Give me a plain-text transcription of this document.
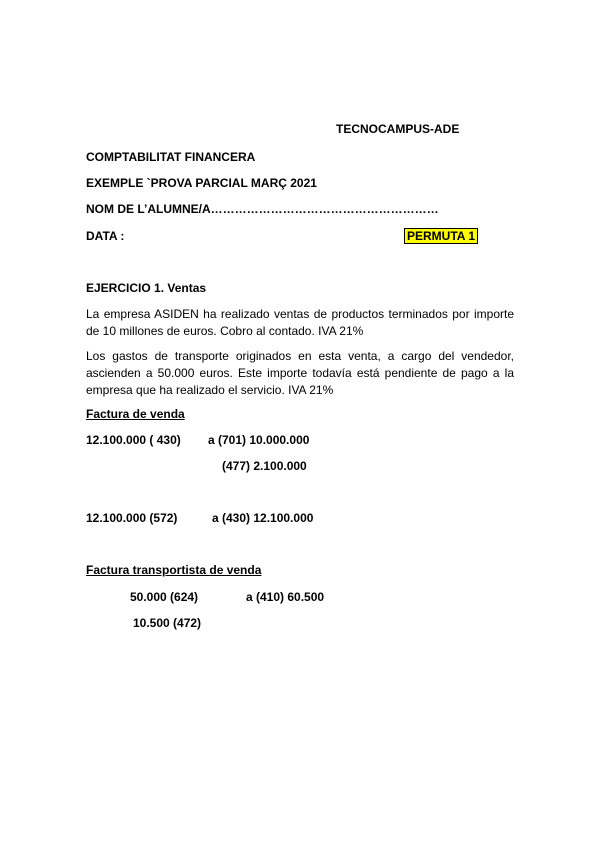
TECNOCAMPUS-ADE
COMPTABILITAT FINANCERA
EXEMPLE `PROVA PARCIAL MARÇ 2021
NOM DE L’ALUMNE/A…………………………………………………
DATA :	PERMUTA 1
EJERCICIO 1. Ventas
La empresa ASIDEN ha realizado ventas de productos terminados por importe de 10 millones de euros. Cobro al contado. IVA 21%
Los gastos de transporte originados en esta venta, a cargo del vendedor, ascienden a 50.000 euros. Este importe todavía está pendiente de pago a la empresa que ha realizado el servicio. IVA 21%
Factura de venda
12.100.000 ( 430) a (701) 10.000.000
(477) 2.100.000
12.100.000 (572)	a (430) 12.100.000
Factura transportista de venda
50.000 (624)	a (410) 60.500
10.500 (472)
